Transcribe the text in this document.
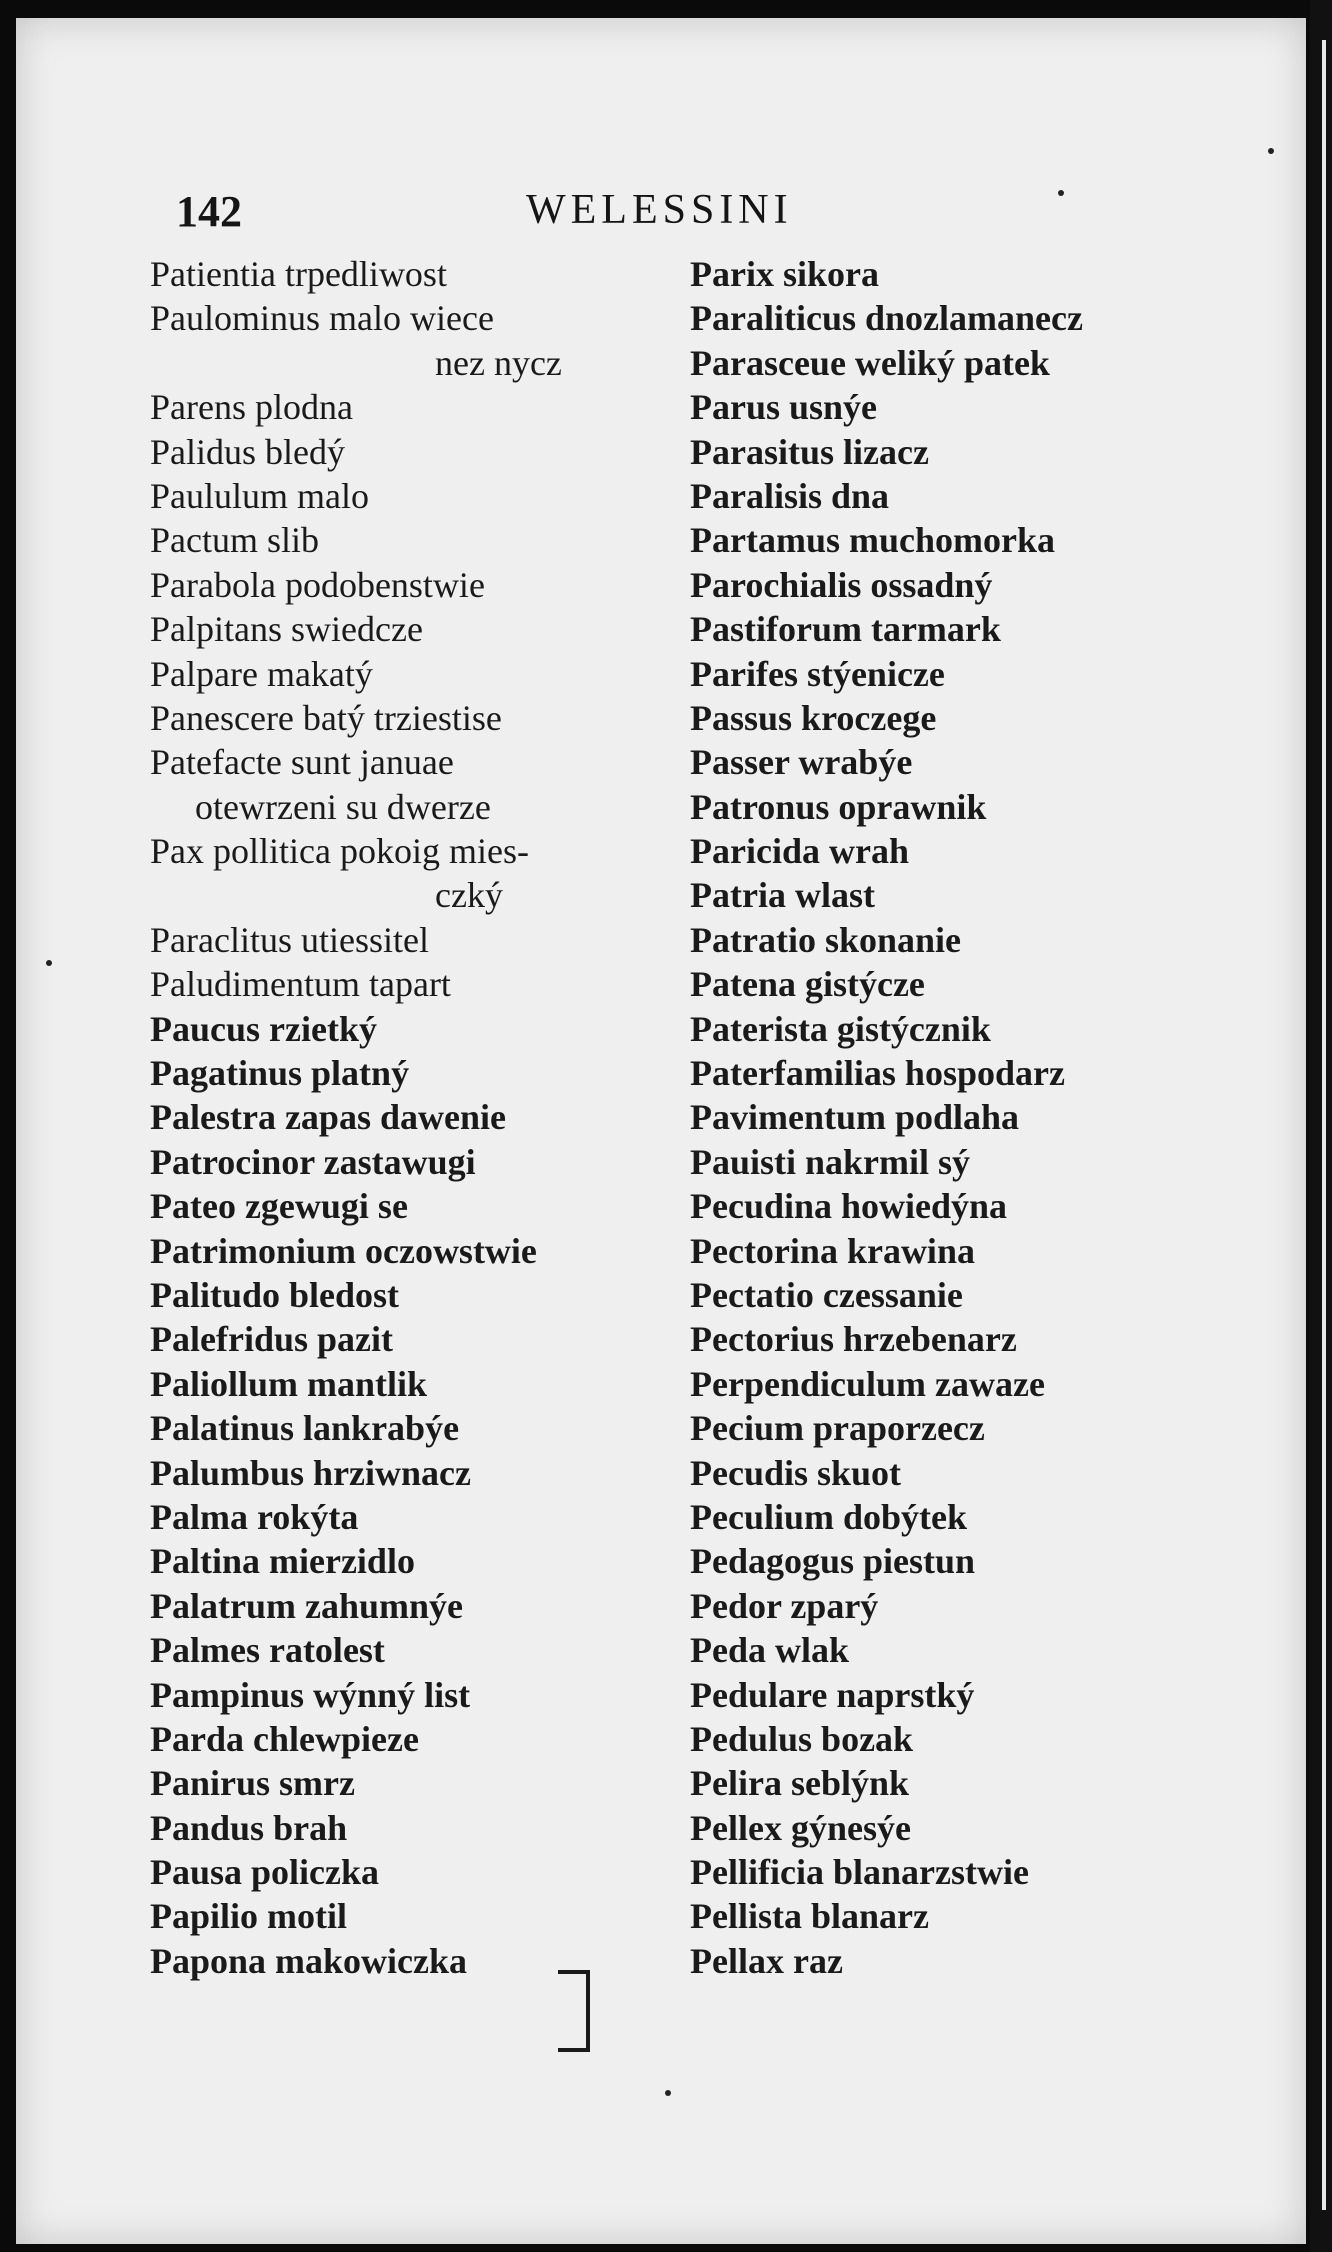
142	WELESSINI
Patientia trpedliwost
Paulominus malo wiece
nez nycz
Parens plodna
Palidus bledý
Paululum malo
Pactum slib
Parabola podobenstwie
Palpitans swiedcze
Palpare makatý
Panescere batý trziestise
Patefacte sunt januae
otewrzeni su dwerze
Pax pollitica pokoig mies-
czký
Paraclitus utiessitel
Paludimentum tapart
Paucus rzietký
Pagatinus platný
Palestra zapas dawenie
Patrocinor zastawugi
Pateo zgewugi se
Patrimonium oczowstwie
Palitudo bledost
Palefridus pazit
Paliollum mantlik
Palatinus lankrabýe
Palumbus hrziwnacz
Palma rokýta
Paltina mierzidlo
Palatrum zahumnýe
Palmes ratolest
Pampinus wýnný list
Parda chlewpieze
Panirus smrz
Pandus brah
Pausa policzka
Papilio motil
Papona makowiczka
Parix sikora
Paraliticus dnozlamanecz
Parasceue weliký patek
Parus usnýe
Parasitus lizacz
Paralisis dna
Partamus muchomorka
Parochialis ossadný
Pastiforum tarmark
Parifes stýenicze
Passus kroczege
Passer wrabýe
Patronus oprawnik
Paricida wrah
Patria wlast
Patratio skonanie
Patena gistýcze
Paterista gistýcznik
Paterfamilias hospodarz
Pavimentum podlaha
Pauisti nakrmil sý
Pecudina howiedýna
Pectorina krawina
Pectatio czessanie
Pectorius hrzebenarz
Perpendiculum zawaze
Pecium praporzecz
Pecudis skuot
Peculium dobýtek
Pedagogus piestun
Pedor zparý
Peda wlak
Pedulare naprstký
Pedulus bozak
Pelira seblýnk
Pellex gýnesýe
Pellificia blanarzstwie
Pellista blanarz
Pellax raz
